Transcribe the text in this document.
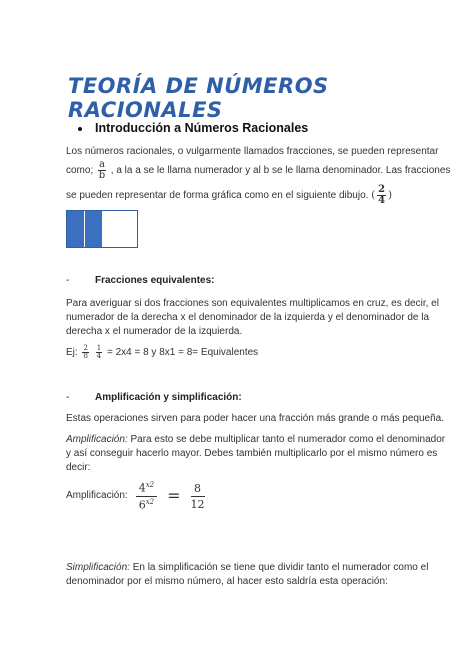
TEORÍA DE NÚMEROS RACIONALES
Introducción a Números Racionales
Los números racionales, o vulgarmente llamados fracciones, se pueden representar
como; $\frac{a}{b}$ , a la a se le llama numerador y al b se le llama denominador. Las fracciones
se pueden representar de forma gráfica como en el siguiente dibujo. ( $\frac{2}{4}$ )
-	Fracciones equivalentes:
Para averiguar si dos fracciones son equivalentes multiplicamos en cruz, es decir, el
numerador de la derecha x el denominador de la izquierda y el denominador de la
derecha x el numerador de la izquierda.
Ej: $\frac{2}{8}$
$\frac{1}{4} = 2x4 = 8$ y 8x1 = 8= Equivalentes
-	Amplificación y simplificación:
Estas operaciones sirven para poder hacer una fracción más grande o más pequeña.
Amplificación: Para esto se debe multiplicar tanto el numerador como el denominador
y así conseguir hacerlo mayor. Debes también multiplicarlo por el mismo número es
decir:
Amplificación: $\frac{4^{x2}}{6^{x2}} = \frac{8}{12}$
Simplificación: En la simplificación se tiene que dividir tanto el numerador como el
denominador por el mismo número, al hacer esto saldría esta operación:
